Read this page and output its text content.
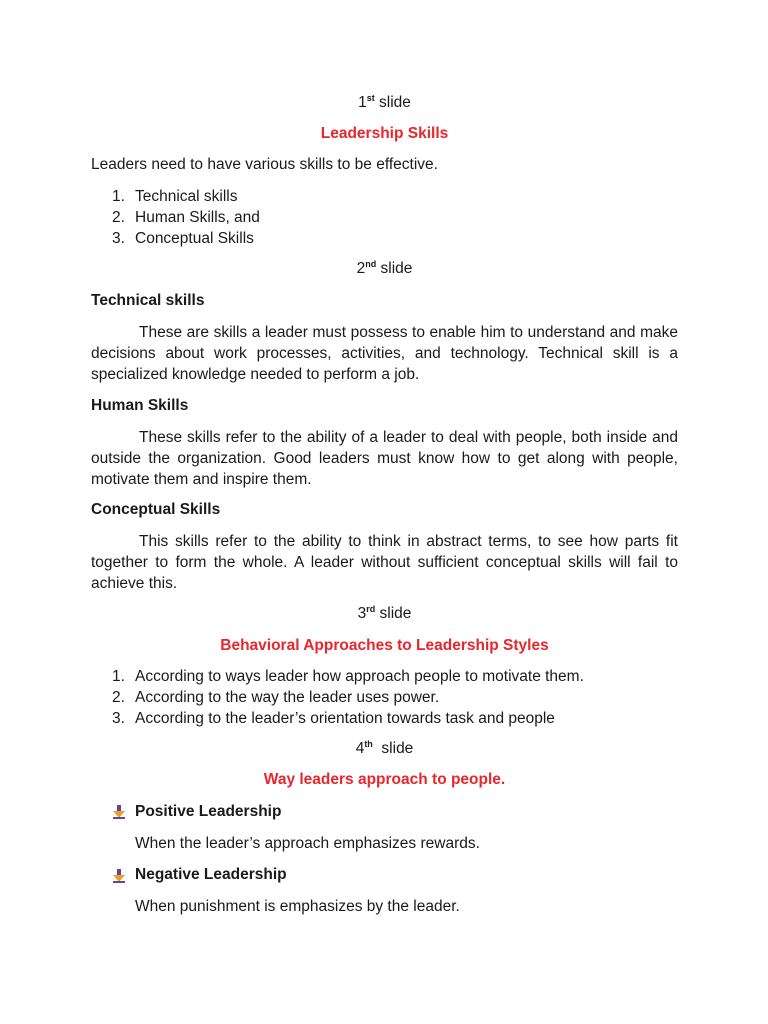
1st slide
Leadership Skills
Leaders need to have various skills to be effective.
1. Technical skills
2. Human Skills, and
3. Conceptual Skills
2nd slide
Technical skills
These are skills a leader must possess to enable him to understand and make decisions about work processes, activities, and technology. Technical skill is a specialized knowledge needed to perform a job.
Human Skills
These skills refer to the ability of a leader to deal with people, both inside and outside the organization. Good leaders must know how to get along with people, motivate them and inspire them.
Conceptual Skills
This skills refer to the ability to think in abstract terms, to see how parts fit together to form the whole. A leader without sufficient conceptual skills will fail to achieve this.
3rd slide
Behavioral Approaches to Leadership Styles
1. According to ways leader how approach people to motivate them.
2. According to the way the leader uses power.
3. According to the leader’s orientation towards task and people
4th  slide
Way leaders approach to people.
Positive Leadership
When the leader’s approach emphasizes rewards.
Negative Leadership
When punishment is emphasizes by the leader.
